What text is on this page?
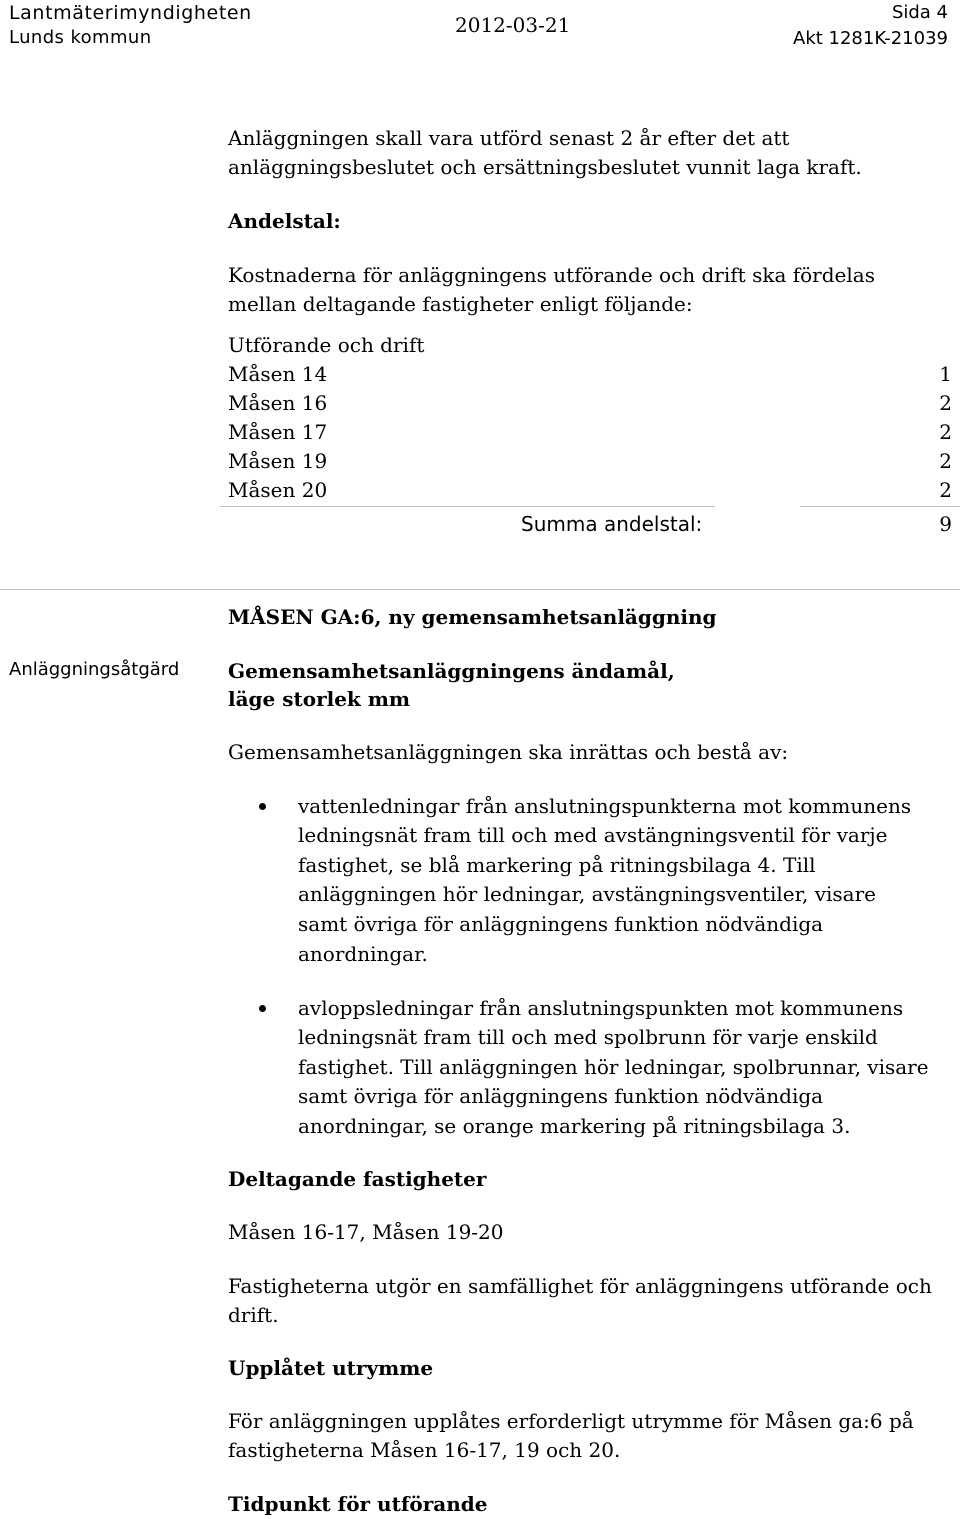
Lantmäterimyndigheten
Lunds kommun
2012-03-21
Sida 4
Akt 1281K-21039
Anläggningen skall vara utförd senast 2 år efter det att
anläggningsbeslutet och ersättningsbeslutet vunnit laga kraft.
Andelstal:
Kostnaderna för anläggningens utförande och drift ska fördelas
mellan deltagande fastigheter enligt följande:
Utförande och drift
Måsen 14	1
Måsen 16	2
Måsen 17	2
Måsen 19	2
Måsen 20	2
Summa andelstal:	9
MÅSEN GA:6, ny gemensamhetsanläggning
Anläggningsåtgärd Gemensamhetsanläggningens ändamål,
läge storlek mm
Gemensamhetsanläggningen ska inrättas och bestå av:
vattenledningar från anslutningspunkterna mot kommunens
ledningsnät fram till och med avstängningsventil för varje
fastighet, se blå markering på ritningsbilaga 4. Till
anläggningen hör ledningar, avstängningsventiler, visare
samt övriga för anläggningens funktion nödvändiga
anordningar.
avloppsledningar från anslutningspunkten mot kommunens
ledningsnät fram till och med spolbrunn för varje enskild
fastighet. Till anläggningen hör ledningar, spolbrunnar, visare
samt övriga för anläggningens funktion nödvändiga
anordningar, se orange markering på ritningsbilaga 3.
Deltagande fastigheter
Måsen 16-17, Måsen 19-20
Fastigheterna utgör en samfällighet för anläggningens utförande och
drift.
Upplåtet utrymme
För anläggningen upplåtes erforderligt utrymme för Måsen ga:6 på
fastigheterna Måsen 16-17, 19 och 20.
Tidpunkt för utförande
